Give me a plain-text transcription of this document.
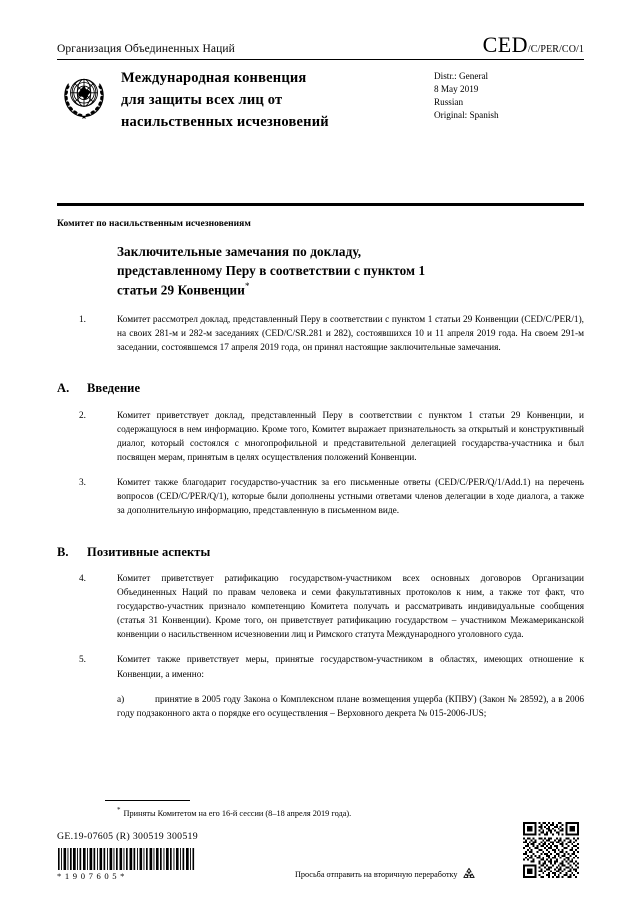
Организация Объединенных Наций	CED /C/PER/CO/1
Международная конвенция
для защиты всех лиц от
насильственных исчезновений
Distr.: General
8 May 2019
Russian
Original: Spanish
Комитет по насильственным исчезновениям
Заключительные замечания по докладу,
представленному Перу в соответствии с пунктом 1
статьи 29 Конвенции*

1.	Комитет рассмотрел доклад, представленный Перу в соответствии с пунктом 1 статьи 29 Конвенции (CED/C/PER/1), на своих 281-м и 282-м заседаниях (CED/C/SR.281 и 282), состоявшихся 10 и 11 апреля 2019 года. На своем 291-м заседании, состоявшемся 17 апреля 2019 года, он принял настоящие заключительные замечания.

A. Введение

2.	Комитет приветствует доклад, представленный Перу в соответствии с пунктом 1 статьи 29 Конвенции, и содержащуюся в нем информацию. Кроме того, Комитет выражает признательность за открытый и конструктивный диалог, который состоялся с многопрофильной и представительной делегацией государства-участника и был посвящен мерам, принятым в целях осуществления положений Конвенции.

3.	Комитет также благодарит государство-участник за его письменные ответы (CED/C/PER/Q/1/Add.1) на перечень вопросов (CED/C/PER/Q/1), которые были дополнены устными ответами членов делегации в ходе диалога, а также за дополнительную информацию, представленную в письменном виде.

B. Позитивные аспекты

4.	Комитет приветствует ратификацию государством-участником всех основных договоров Организации Объединенных Наций по правам человека и семи факультативных протоколов к ним, а также тот факт, что государство-участник признало компетенцию Комитета получать и рассматривать индивидуальные сообщения (статья 31 Конвенции). Кроме того, он приветствует ратификацию государством – участником Межамериканской конвенции о насильственном исчезновении лиц и Римского статута Международного уголовного суда.

5.	Комитет также приветствует меры, принятые государством-участником в областях, имеющих отношение к Конвенции, а именно:

a)	принятие в 2005 году Закона о Комплексном плане возмещения ущерба (КПВУ) (Закон № 28592), а в 2006 году подзаконного акта о порядке его осуществления – Верховного декрета № 015-2006-JUS;

* Приняты Комитетом на его 16-й сессии (8–18 апреля 2019 года).
GE.19-07605 (R) 300519 300519
*1907605*	Просьба отправить на вторичную переработку
